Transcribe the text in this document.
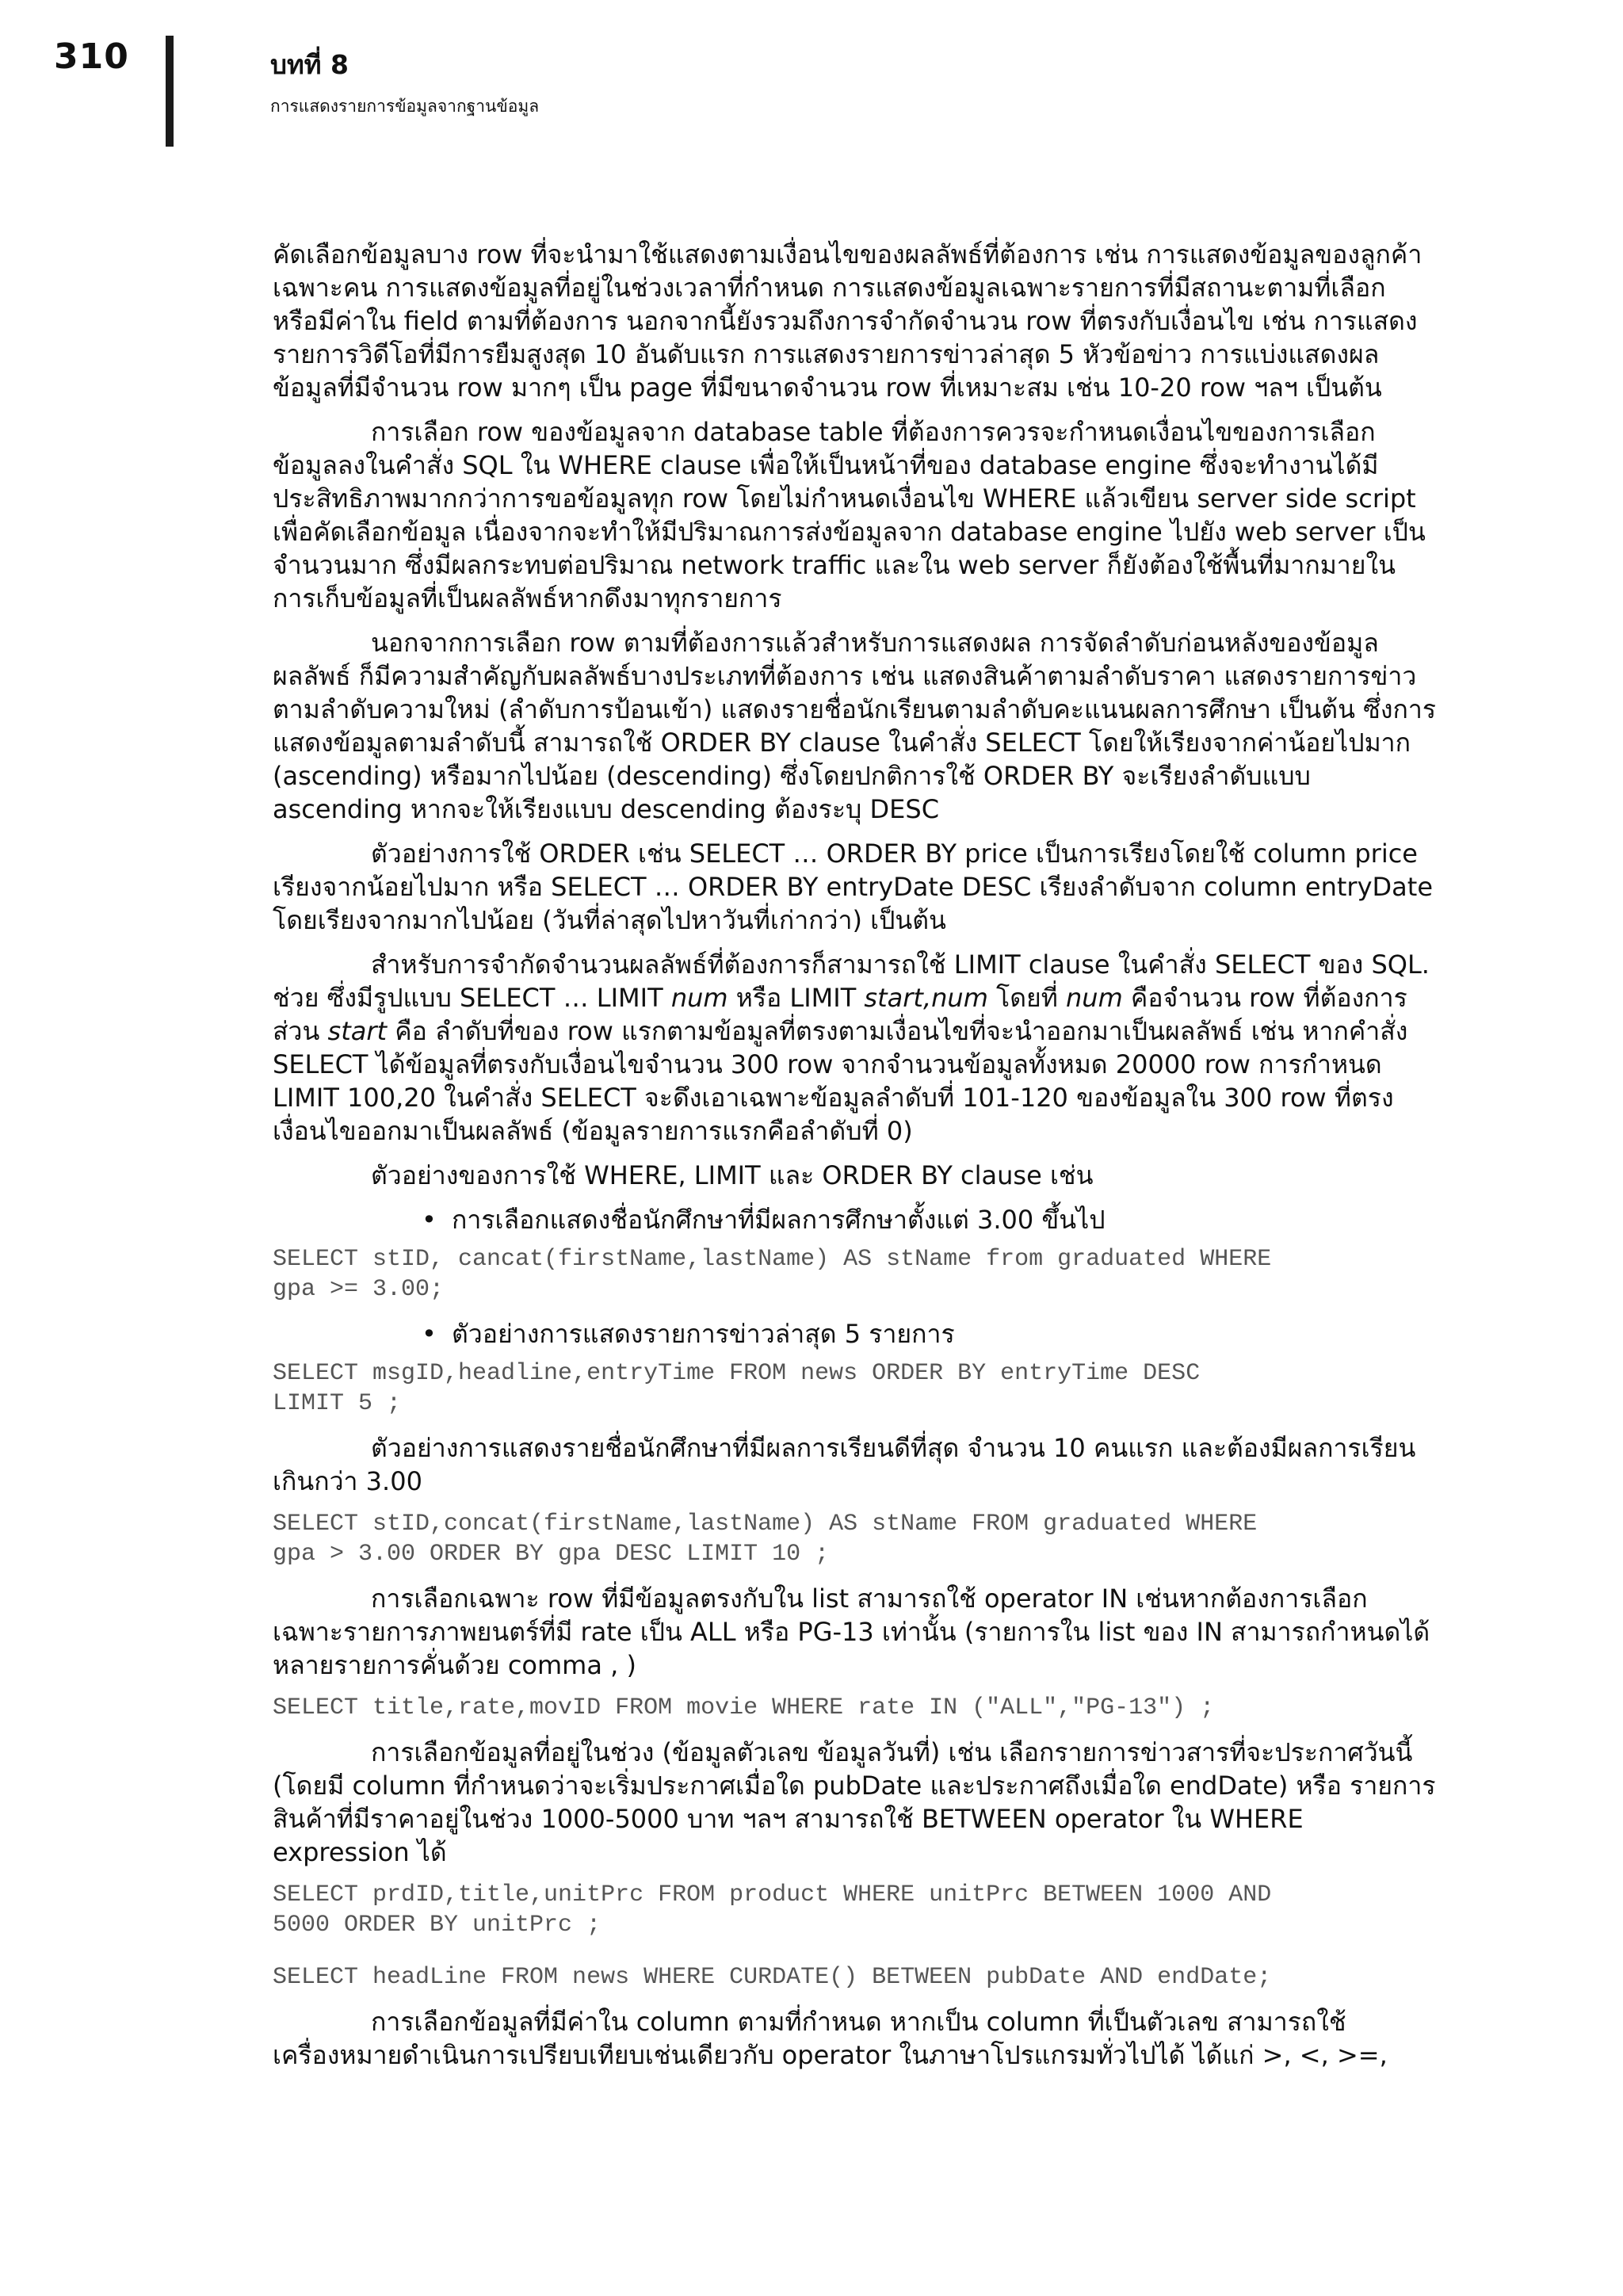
310	บทที่ 8
การแสดงรายการข้อมูลจากฐานข้อมูล

คัดเลือกข้อมูลบาง row ที่จะนำมาใช้แสดงตามเงื่อนไขของผลลัพธ์ที่ต้องการ เช่น การแสดงข้อมูลของลูกค้าเฉพาะคน การแสดงข้อมูลที่อยู่ในช่วงเวลาที่กำหนด การแสดงข้อมูลเฉพาะรายการที่มีสถานะตามที่เลือก หรือมีค่าใน field ตามที่ต้องการ นอกจากนี้ยังรวมถึงการจำกัดจำนวน row ที่ตรงกับเงื่อนไข เช่น การแสดงรายการวิดีโอที่มีการยืมสูงสุด 10 อันดับแรก การแสดงรายการข่าวล่าสุด 5 หัวข้อข่าว การแบ่งแสดงผลข้อมูลที่มีจำนวน row มากๆ เป็น page ที่มีขนาดจำนวน row ที่เหมาะสม เช่น 10-20 row ฯลฯ เป็นต้น

การเลือก row ของข้อมูลจาก database table ที่ต้องการควรจะกำหนดเงื่อนไขของการเลือกข้อมูลลงในคำสั่ง SQL ใน WHERE clause เพื่อให้เป็นหน้าที่ของ database engine ซึ่งจะทำงานได้มีประสิทธิภาพมากกว่าการขอข้อมูลทุก row โดยไม่กำหนดเงื่อนไข WHERE แล้วเขียน server side script เพื่อคัดเลือกข้อมูล เนื่องจากจะทำให้มีปริมาณการส่งข้อมูลจาก database engine ไปยัง web server เป็นจำนวนมาก ซึ่งมีผลกระทบต่อปริมาณ network traffic และใน web server ก็ยังต้องใช้พื้นที่มากมายในการเก็บข้อมูลที่เป็นผลลัพธ์หากดึงมาทุกรายการ

นอกจากการเลือก row ตามที่ต้องการแล้วสำหรับการแสดงผล การจัดลำดับก่อนหลังของข้อมูลผลลัพธ์ ก็มีความสำคัญกับผลลัพธ์บางประเภทที่ต้องการ เช่น แสดงสินค้าตามลำดับราคา แสดงรายการข่าวตามลำดับความใหม่ (ลำดับการป้อนเข้า) แสดงรายชื่อนักเรียนตามลำดับคะแนนผลการศึกษา เป็นต้น ซึ่งการแสดงข้อมูลตามลำดับนี้ สามารถใช้ ORDER BY clause ในคำสั่ง SELECT โดยให้เรียงจากค่าน้อยไปมาก (ascending) หรือมากไปน้อย (descending) ซึ่งโดยปกติการใช้ ORDER BY จะเรียงลำดับแบบ ascending หากจะให้เรียงแบบ descending ต้องระบุ DESC

ตัวอย่างการใช้ ORDER เช่น SELECT … ORDER BY price เป็นการเรียงโดยใช้ column price เรียงจากน้อยไปมาก หรือ SELECT … ORDER BY entryDate DESC เรียงลำดับจาก column entryDate โดยเรียงจากมากไปน้อย (วันที่ล่าสุดไปหาวันที่เก่ากว่า) เป็นต้น

สำหรับการจำกัดจำนวนผลลัพธ์ที่ต้องการก็สามารถใช้ LIMIT clause ในคำสั่ง SELECT ของ SQL. ช่วย ซึ่งมีรูปแบบ SELECT … LIMIT num หรือ LIMIT start,num โดยที่ num คือจำนวน row ที่ต้องการ ส่วน start คือ ลำดับที่ของ row แรกตามข้อมูลที่ตรงตามเงื่อนไขที่จะนำออกมาเป็นผลลัพธ์ เช่น หากคำสั่ง SELECT ได้ข้อมูลที่ตรงกับเงื่อนไขจำนวน 300 row จากจำนวนข้อมูลทั้งหมด 20000 row การกำหนด LIMIT 100,20 ในคำสั่ง SELECT จะดึงเอาเฉพาะข้อมูลลำดับที่ 101-120 ของข้อมูลใน 300 row ที่ตรงเงื่อนไขออกมาเป็นผลลัพธ์ (ข้อมูลรายการแรกคือลำดับที่ 0)

ตัวอย่างของการใช้ WHERE, LIMIT และ ORDER BY clause เช่น

• การเลือกแสดงชื่อนักศึกษาที่มีผลการศึกษาตั้งแต่ 3.00 ขึ้นไป
SELECT stID, cancat(firstName,lastName) AS stName from graduated WHERE
gpa >= 3.00;
• ตัวอย่างการแสดงรายการข่าวล่าสุด 5 รายการ
SELECT msgID,headline,entryTime FROM news ORDER BY entryTime DESC
LIMIT 5 ;

ตัวอย่างการแสดงรายชื่อนักศึกษาที่มีผลการเรียนดีที่สุด จำนวน 10 คนแรก และต้องมีผลการเรียนเกินกว่า 3.00

SELECT stID,concat(firstName,lastName) AS stName FROM graduated WHERE
gpa > 3.00 ORDER BY gpa DESC LIMIT 10 ;

การเลือกเฉพาะ row ที่มีข้อมูลตรงกับใน list สามารถใช้ operator IN เช่นหากต้องการเลือกเฉพาะรายการภาพยนตร์ที่มี rate เป็น ALL หรือ PG-13 เท่านั้น (รายการใน list ของ IN สามารถกำหนดได้หลายรายการคั่นด้วย comma , )

SELECT title,rate,movID FROM movie WHERE rate IN ("ALL","PG-13") ;

การเลือกข้อมูลที่อยู่ในช่วง (ข้อมูลตัวเลข ข้อมูลวันที่) เช่น เลือกรายการข่าวสารที่จะประกาศวันนี้ (โดยมี column ที่กำหนดว่าจะเริ่มประกาศเมื่อใด pubDate และประกาศถึงเมื่อใด endDate) หรือ รายการสินค้าที่มีราคาอยู่ในช่วง 1000-5000 บาท ฯลฯ สามารถใช้ BETWEEN operator ใน WHERE expression ได้

SELECT prdID,title,unitPrc FROM product WHERE unitPrc BETWEEN 1000 AND
5000 ORDER BY unitPrc ;
SELECT headLine FROM news WHERE CURDATE() BETWEEN pubDate AND endDate;

การเลือกข้อมูลที่มีค่าใน column ตามที่กำหนด หากเป็น column ที่เป็นตัวเลข สามารถใช้เครื่องหมายดำเนินการเปรียบเทียบเช่นเดียวกับ operator ในภาษาโปรแกรมทั่วไปได้ ได้แก่ >, <, >=,
